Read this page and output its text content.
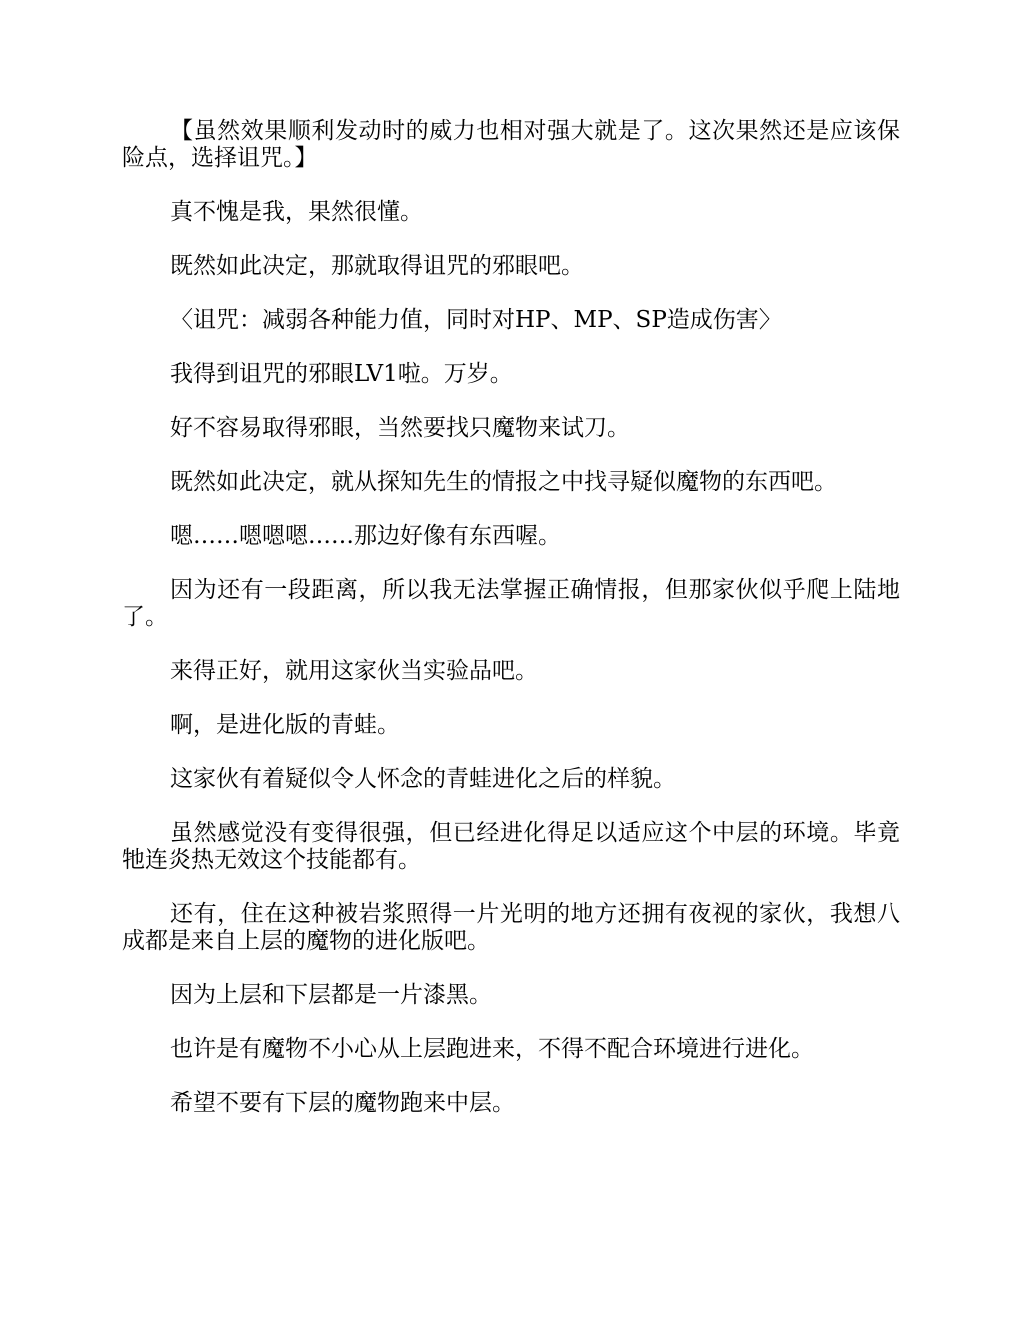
【虽然效果顺利发动时的威力也相对强大就是了。这次果然还是应该保险点，选择诅咒。】

真不愧是我，果然很懂。

既然如此决定，那就取得诅咒的邪眼吧。

〈诅咒：减弱各种能力值，同时对HP、MP、SP造成伤害〉

我得到诅咒的邪眼LV1啦。万岁。

好不容易取得邪眼，当然要找只魔物来试刀。

既然如此决定，就从探知先生的情报之中找寻疑似魔物的东西吧。

嗯……嗯嗯嗯……那边好像有东西喔。

因为还有一段距离，所以我无法掌握正确情报，但那家伙似乎爬上陆地了。

来得正好，就用这家伙当实验品吧。

啊，是进化版的青蛙。

这家伙有着疑似令人怀念的青蛙进化之后的样貌。

虽然感觉没有变得很强，但已经进化得足以适应这个中层的环境。毕竟牠连炎热无效这个技能都有。

还有，住在这种被岩浆照得一片光明的地方还拥有夜视的家伙，我想八成都是来自上层的魔物的进化版吧。

因为上层和下层都是一片漆黑。

也许是有魔物不小心从上层跑进来，不得不配合环境进行进化。

希望不要有下层的魔物跑来中层。
